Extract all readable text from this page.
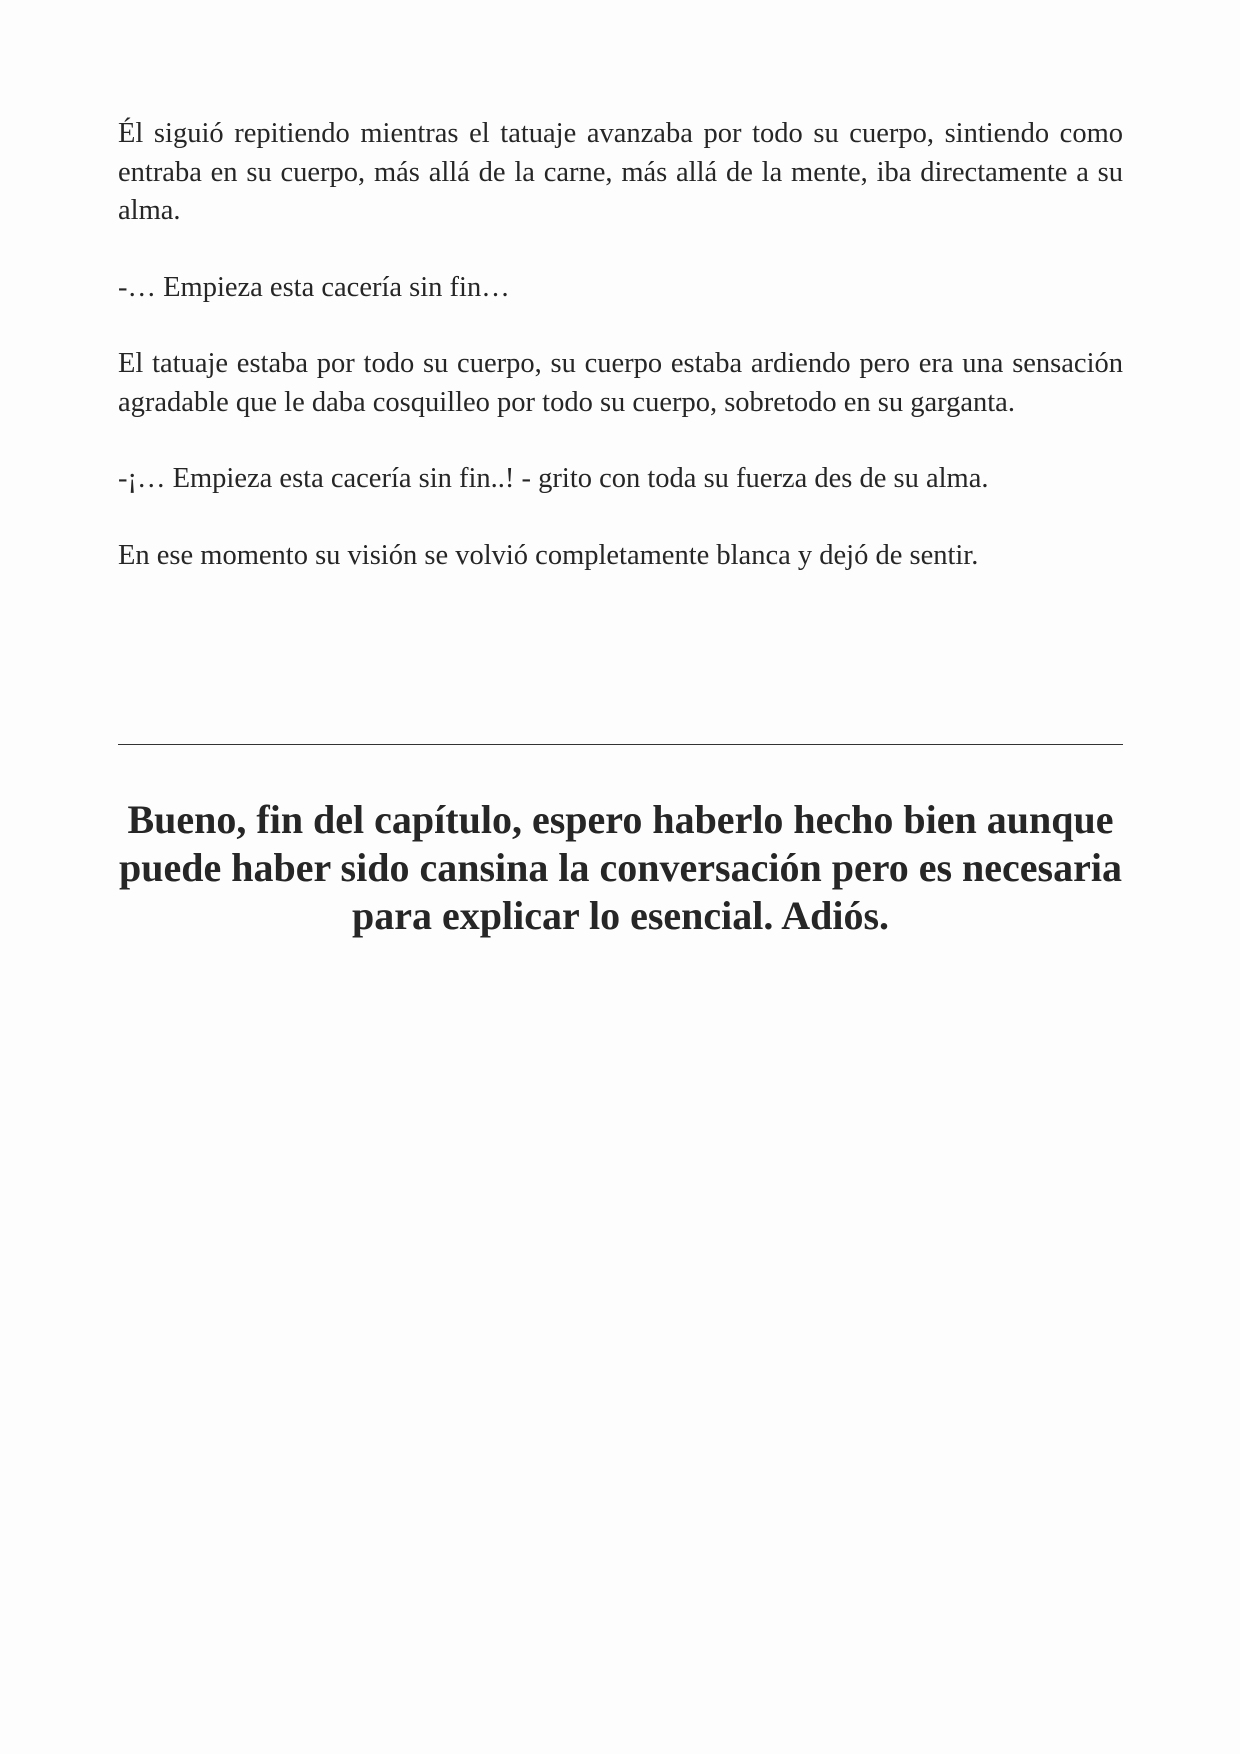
Él siguió repitiendo mientras el tatuaje avanzaba por todo su cuerpo, sintiendo como entraba en su cuerpo, más allá de la carne, más allá de la mente, iba directamente a su alma.

-… Empieza esta cacería sin fin…

El tatuaje estaba por todo su cuerpo, su cuerpo estaba ardiendo pero era una sensación agradable que le daba cosquilleo por todo su cuerpo, sobretodo en su garganta.

-¡… Empieza esta cacería sin fin..! - grito con toda su fuerza des de su alma.

En ese momento su visión se volvió completamente blanca y dejó de sentir.

Bueno, fin del capítulo, espero haberlo hecho bien aunque puede haber sido cansina la conversación pero es necesaria para explicar lo esencial. Adiós.
